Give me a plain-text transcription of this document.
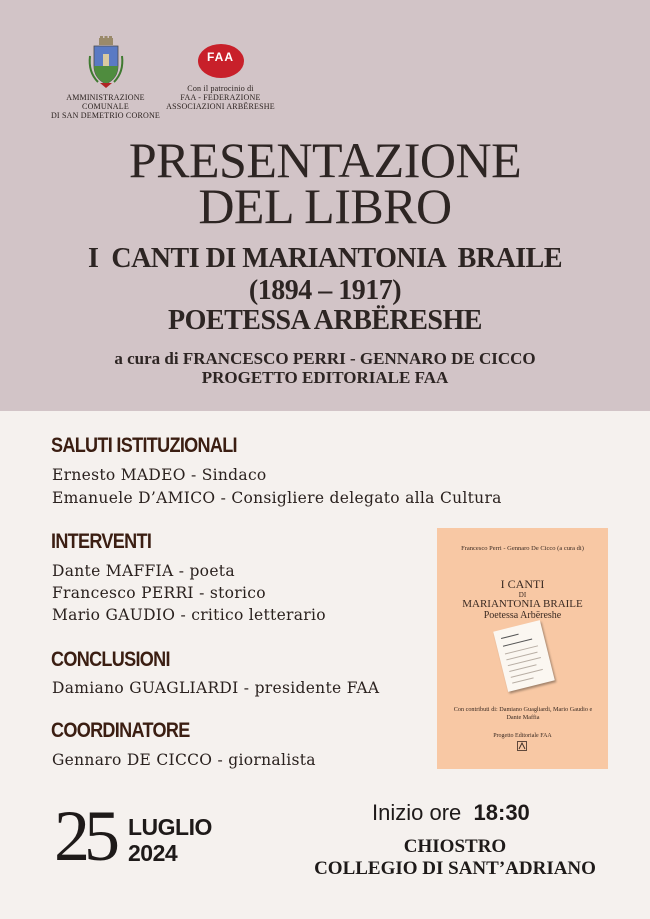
AMMINISTRAZIONE
COMUNALE
DI SAN DEMETRIO CORONE
FAA
Con il patrocinio di
FAA - FEDERAZIONE
ASSOCIAZIONI ARBËRESHE
PRESENTAZIONE
DEL LIBRO
I  CANTI DI MARIANTONIA  BRAILE
(1894 – 1917)
POETESSA ARBËRESHE
a cura di FRANCESCO PERRI - GENNARO DE CICCO
PROGETTO EDITORIALE FAA
SALUTI ISTITUZIONALI
Ernesto MADEO - Sindaco
Emanuele D’AMICO - Consigliere delegato alla Cultura
INTERVENTI
Dante MAFFIA - poeta
Francesco PERRI - storico
Mario GAUDIO - critico letterario
CONCLUSIONI
Damiano GUAGLIARDI - presidente FAA
COORDINATORE
Gennaro DE CICCO - giornalista
Francesco Perri - Gennaro De Cicco (a cura di)
I CANTI
DI
MARIANTONIA BRAILE
Poetessa Arbëreshe
Con contributi di: Damiano Guagliardi, Mario Gaudio e Dante Maffia
Progetto Editoriale FAA
25 LUGLIO
2024
Inizio ore 18:30
CHIOSTRO
COLLEGIO DI SANT’ADRIANO
